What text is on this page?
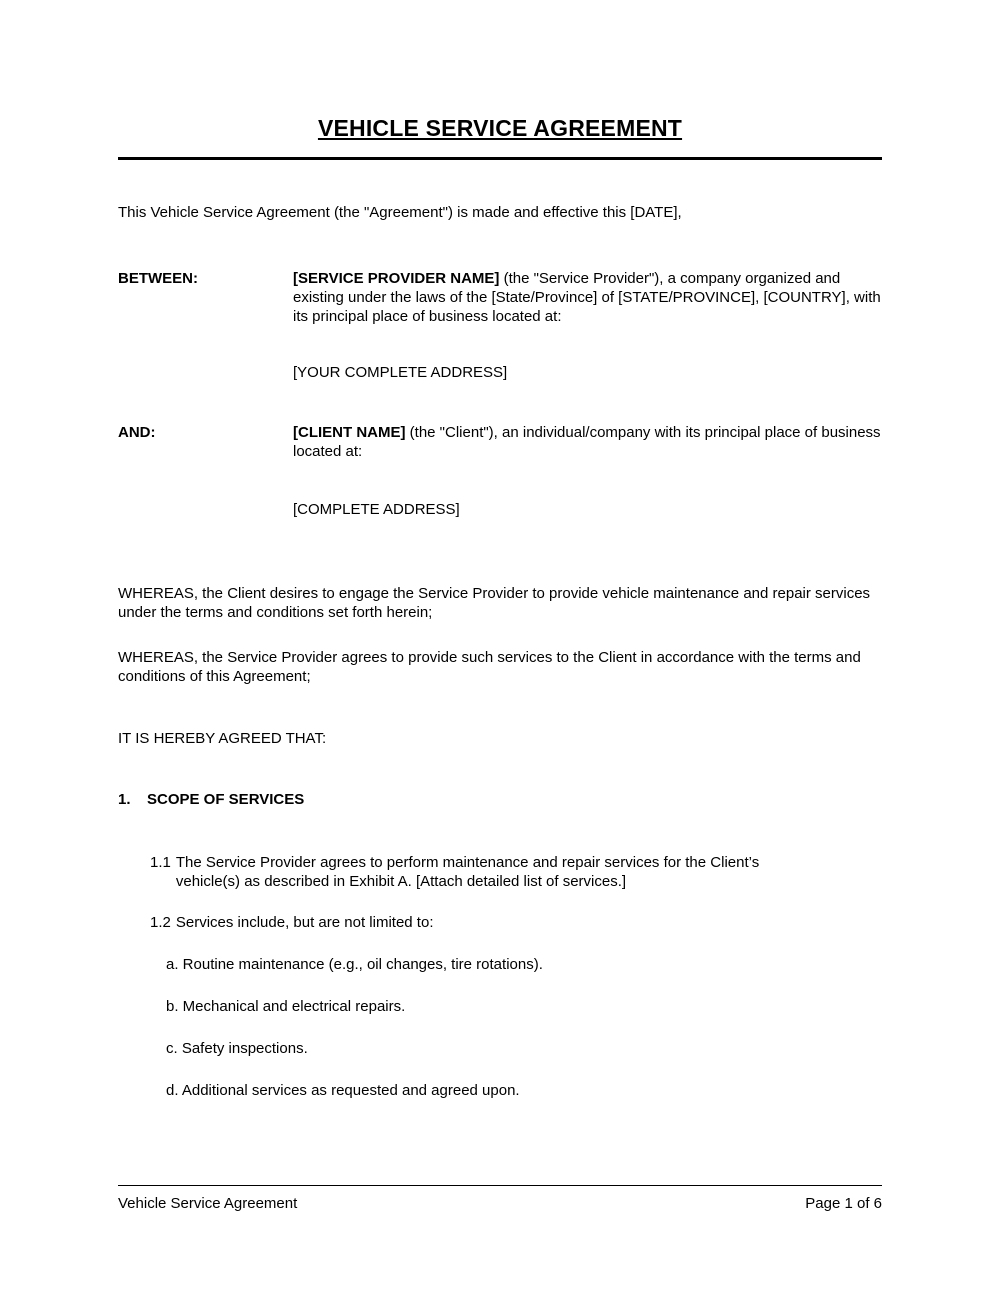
VEHICLE SERVICE AGREEMENT

This Vehicle Service Agreement (the "Agreement") is made and effective this [DATE],

BETWEEN:	[SERVICE PROVIDER NAME] (the "Service Provider"), a company organized and existing under the laws of the [State/Province] of [STATE/PROVINCE], [COUNTRY], with its principal place of business located at:

[YOUR COMPLETE ADDRESS]

AND:	[CLIENT NAME] (the "Client"), an individual/company with its principal place of business located at:

[COMPLETE ADDRESS]

WHEREAS, the Client desires to engage the Service Provider to provide vehicle maintenance and repair services under the terms and conditions set forth herein;

WHEREAS, the Service Provider agrees to provide such services to the Client in accordance with the terms and conditions of this Agreement;

IT IS HEREBY AGREED THAT:

1.	SCOPE OF SERVICES
1.1 The Service Provider agrees to perform maintenance and repair services for the Client’s vehicle(s) as described in Exhibit A. [Attach detailed list of services.]
1.2 Services include, but are not limited to:

a. Routine maintenance (e.g., oil changes, tire rotations).

b. Mechanical and electrical repairs.

c. Safety inspections.

d. Additional services as requested and agreed upon.

Vehicle Service Agreement	Page 1 of 6
